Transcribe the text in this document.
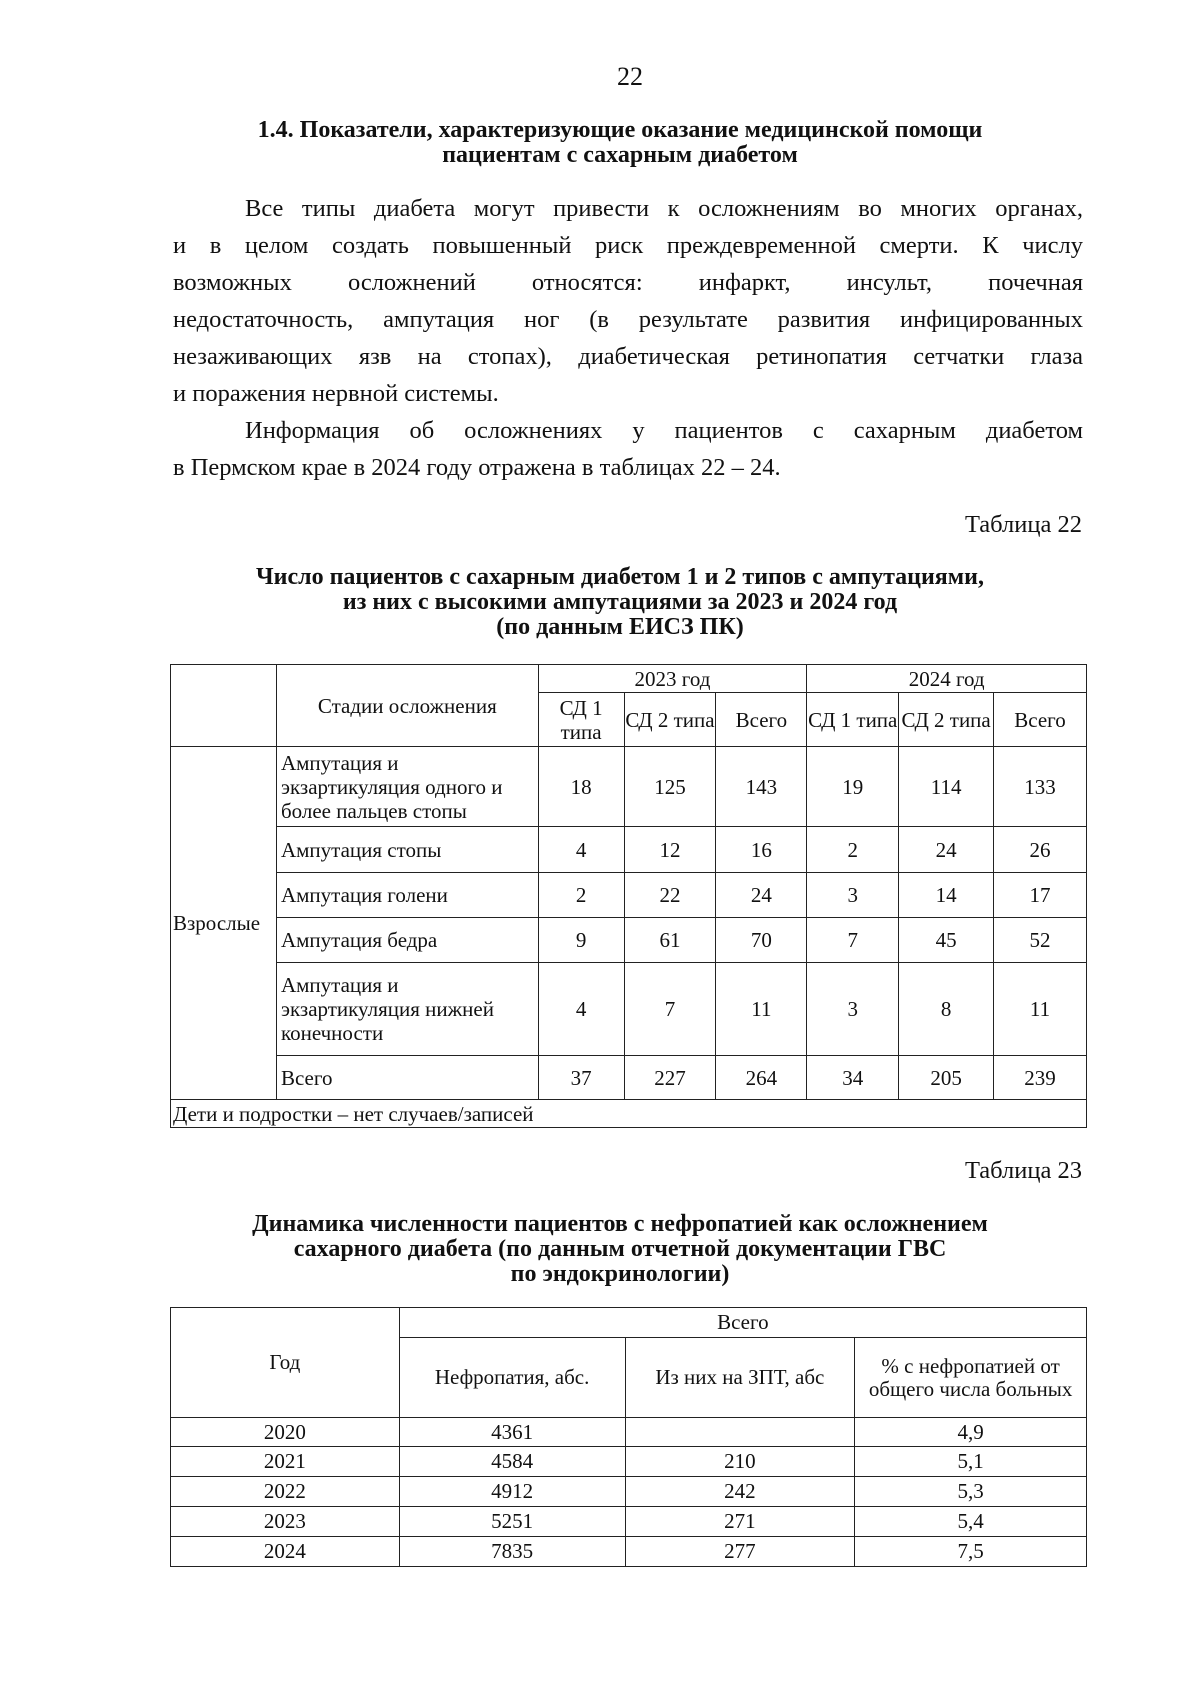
22
1.4. Показатели, характеризующие оказание медицинской помощи
пациентам с сахарным диабетом
Все типы диабета могут привести к осложнениям во многих органах,
и в целом создать повышенный риск преждевременной смерти. К числу
возможных осложнений относятся: инфаркт, инсульт, почечная
недостаточность, ампутация ног (в результате развития инфицированных
незаживающих язв на стопах), диабетическая ретинопатия сетчатки глаза
и поражения нервной системы.
Информация об осложнениях у пациентов с сахарным диабетом
в Пермском крае в 2024 году отражена в таблицах 22 – 24.
Таблица 22
Число пациентов с сахарным диабетом 1 и 2 типов с ампутациями,
из них с высокими ампутациями за 2023 и 2024 год
(по данным ЕИСЗ ПК)
	Стадии осложнения	2023 год			2024 год		
		СД 1 типа	СД 2 типа	Всего	СД 1 типа	СД 2 типа	Всего
Взрослые	Ампутация и экзартикуляция одного и более пальцев стопы	18	125	143	19	114	133
	Ампутация стопы	4	12	16	2	24	26
	Ампутация голени	2	22	24	3	14	17
	Ампутация бедра	9	61	70	7	45	52
	Ампутация и экзартикуляция нижней конечности	4	7	11	3	8	11
	Всего	37	227	264	34	205	239
Дети и подростки – нет случаев/записей							
Таблица 23
Динамика численности пациентов с нефропатией как осложнением
сахарного диабета (по данным отчетной документации ГВС
по эндокринологии)
Год	Всего		
	Нефропатия, абс.	Из них на ЗПТ, абс	% с нефропатией от общего числа больных
2020	4361		4,9
2021	4584	210	5,1
2022	4912	242	5,3
2023	5251	271	5,4
2024	7835	277	7,5
